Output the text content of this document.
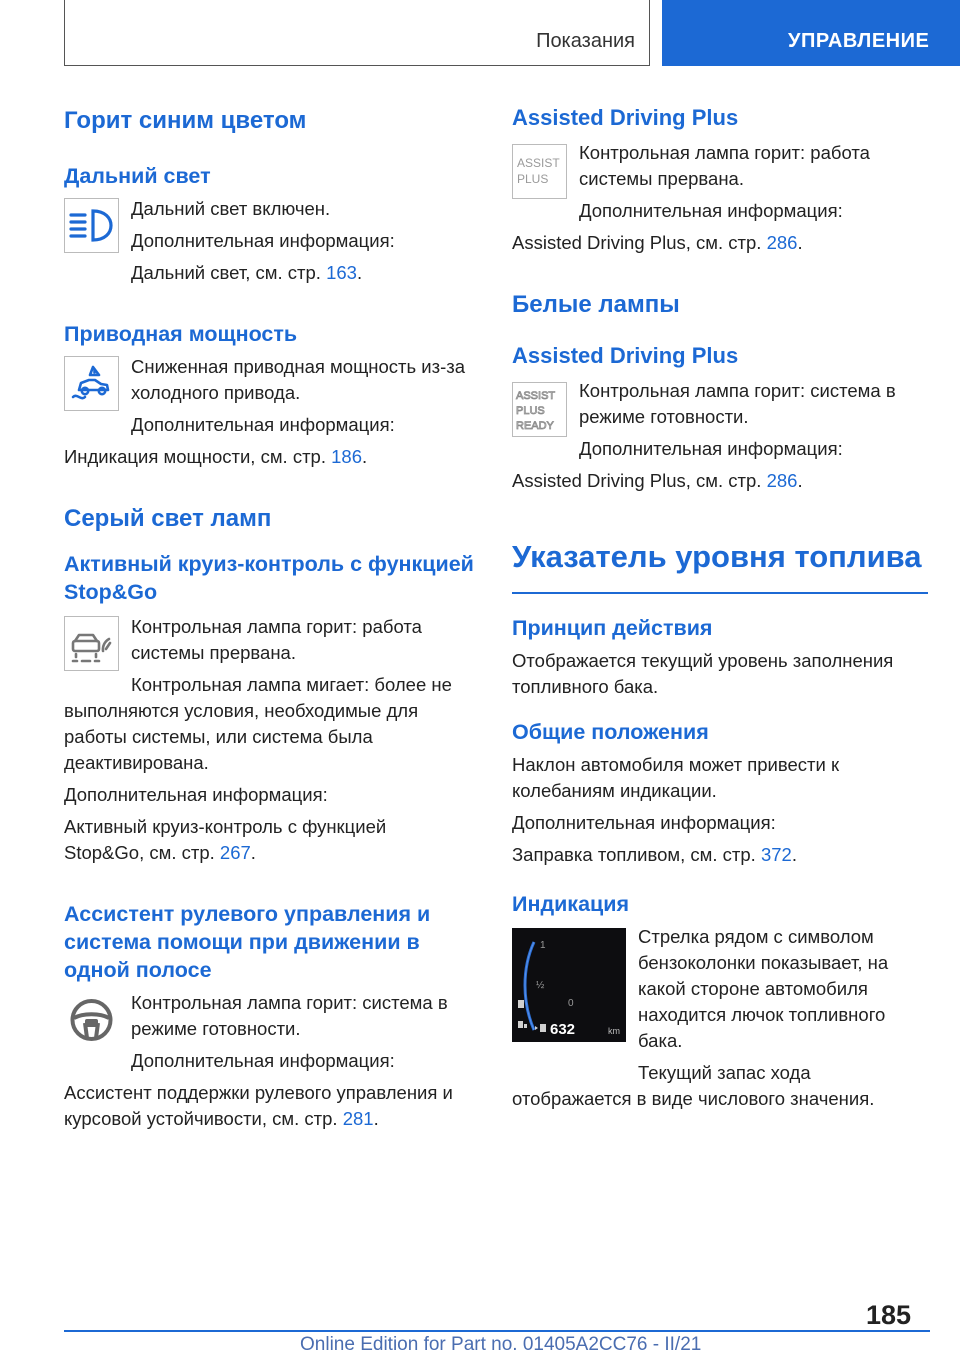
Показания	УПРАВЛЕНИЕ
Горит синим цветом
Дальний свет
Дальний свет включен.
Дополнительная информация:
Дальний свет, см. стр. 163.
Приводная мощность
Сниженная приводная мощность из-за холодного привода.
Дополнительная информация:
Индикация мощности, см. стр. 186.
Серый свет ламп
Активный круиз-контроль с функцией Stop&Go
Контрольная лампа горит: работа системы прервана.
Контрольная лампа мигает: более не выполняются условия, необходимые для работы системы, или система была деактивирована.
Дополнительная информация:
Активный круиз-контроль с функцией Stop&Go, см. стр. 267.
Ассистент рулевого управления и система помощи при движении в одной полосе
Контрольная лампа горит: система в режиме готовности.
Дополнительная информация:
Ассистент поддержки рулевого управления и курсовой устойчивости, см. стр. 281.
Assisted Driving Plus
ASSIST
PLUS
Контрольная лампа горит: работа системы прервана.
Дополнительная информация:
Assisted Driving Plus, см. стр. 286.
Белые лампы
Assisted Driving Plus
ASSIST
PLUS
READY
Контрольная лампа горит: система в режиме готовности.
Дополнительная информация:
Assisted Driving Plus, см. стр. 286.
Указатель уровня топлива
Принцип действия
Отображается текущий уровень заполнения топливного бака.
Общие положения
Наклон автомобиля может привести к колебаниям индикации.
Дополнительная информация:
Заправка топливом, см. стр. 372.
Индикация
1
½
0
632	km
Стрелка рядом с символом бензоколонки показывает, на какой стороне автомобиля находится лючок топливного бака.
Текущий запас хода отображается в виде числового значения.
185
Online Edition for Part no. 01405A2CC76 - II/21
